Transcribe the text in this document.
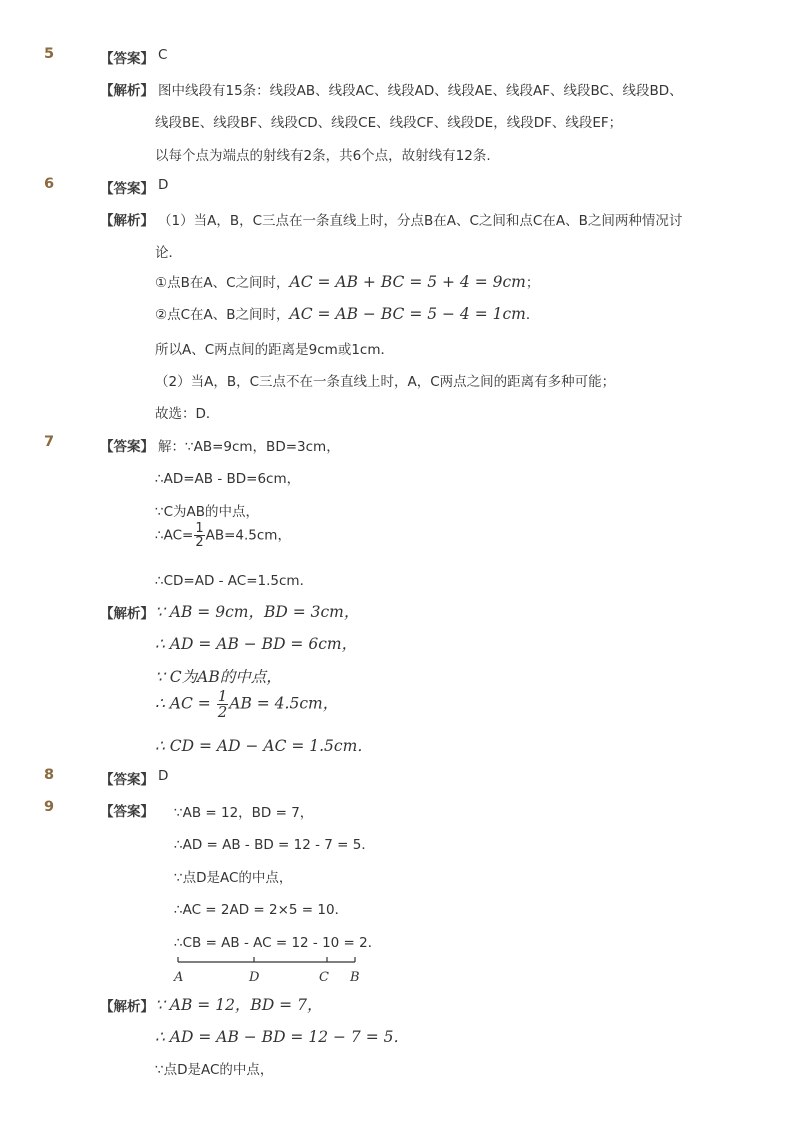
5	【答案】 C
【解析】 图中线段有15条：线段AB、线段AC、线段AD、线段AE、线段AF、线段BC、线段BD、
线段BE、线段BF、线段CD、线段CE、线段CF、线段DE，线段DF、线段EF；
以每个点为端点的射线有2条，共6个点，故射线有12条.
6	【答案】 D
【解析】 （1）当A，B，C三点在一条直线上时，分点B在A、C之间和点C在A、B之间两种情况讨
论．
①点B在A、C之间时，AC = AB + BC = 5 + 4 = 9cm；
②点C在A、B之间时，AC = AB − BC = 5 − 4 = 1cm．
所以A、C两点间的距离是9cm或1cm．
（2）当A，B，C三点不在一条直线上时，A，C两点之间的距离有多种可能；
故选：D．
7	【答案】 解：∵AB=9cm，BD=3cm，
∴AD=AB - BD=6cm，
∵C为AB的中点，
∴AC= $\frac{1}{2} AB=4.5cm$，
∴CD=AD - AC=1.5cm．
【解析】 ∵ AB = 9cm，BD = 3cm，
∴ AD = AB − BD = 6cm，
∵ C为AB的中点，
∴ AC = $\frac{1}{2}$ AB = 4.5cm，
∴ CD = AD − AC = 1.5cm．
8	【答案】 D
9	【答案】 ∵AB = 12，BD = 7，
∴AD = AB - BD = 12 - 7 = 5．
∵点D是AC的中点，
∴AC = 2AD = 2×5 = 10．
∴CB = AB - AC = 12 - 10 = 2．
A	D	C B
【解析】 ∵ AB = 12，BD = 7，
∴ AD = AB − BD = 12 − 7 = 5．
∵点D是AC的中点，
